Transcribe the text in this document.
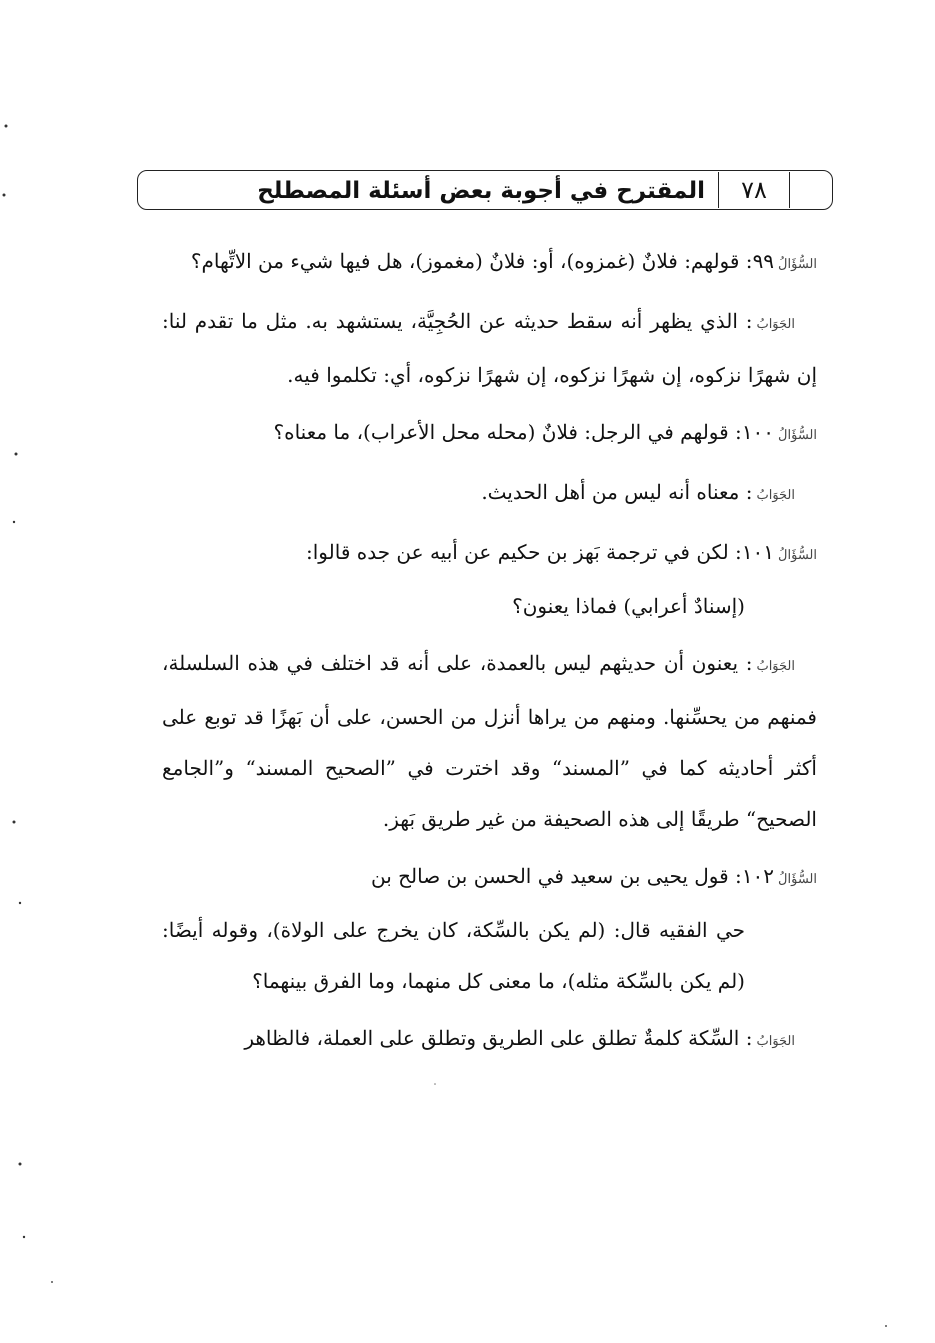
٧٨
المقترح في أجوبة بعض أسئلة المصطلح

السُّؤَالُ٩٩: قولهم: فلانٌ (غمزوه)، أو: فلانٌ (مغموز)، هل فيها شيء من الاتِّهام؟

الجَوَابُ: الذي يظهر أنه سقط حديثه عن الحُجِيَّة، يستشهد به. مثل ما تقدم لنا: إن شهرًا نزكوه، إن شهرًا نزكوه، إن شهرًا نزكوه، أي: تكلموا فيه.

السُّؤَالُ١٠٠: قولهم في الرجل: فلانٌ (محله محل الأعراب)، ما معناه؟

الجَوَابُ: معناه أنه ليس من أهل الحديث.

السُّؤَالُ١٠١: لكن في ترجمة بَهز بن حكيم عن أبيه عن جده قالوا:
(إسنادٌ أعرابي) فماذا يعنون؟

الجَوَابُ: يعنون أن حديثهم ليس بالعمدة، على أنه قد اختلف في هذه السلسلة، فمنهم من يحسِّنها. ومنهم من يراها أنزل من الحسن، على أن بَهزًا قد توبع على أكثر أحاديثه كما في ”المسند“ وقد اخترت في ”الصحيح المسند“ و”الجامع الصحيح“ طريقًا إلى هذه الصحيفة من غير طريق بَهز.

السُّؤَالُ١٠٢: قول يحيى بن سعيد في الحسن بن صالح بن
حي الفقيه قال: (لم يكن بالسِّكة، كان يخرج على الولاة)، وقوله أيضًا: (لم يكن بالسِّكة مثله)، ما معنى كل منهما، وما الفرق بينهما؟

الجَوَابُ: السِّكة كلمةٌ تطلق على الطريق وتطلق على العملة، فالظاهر
